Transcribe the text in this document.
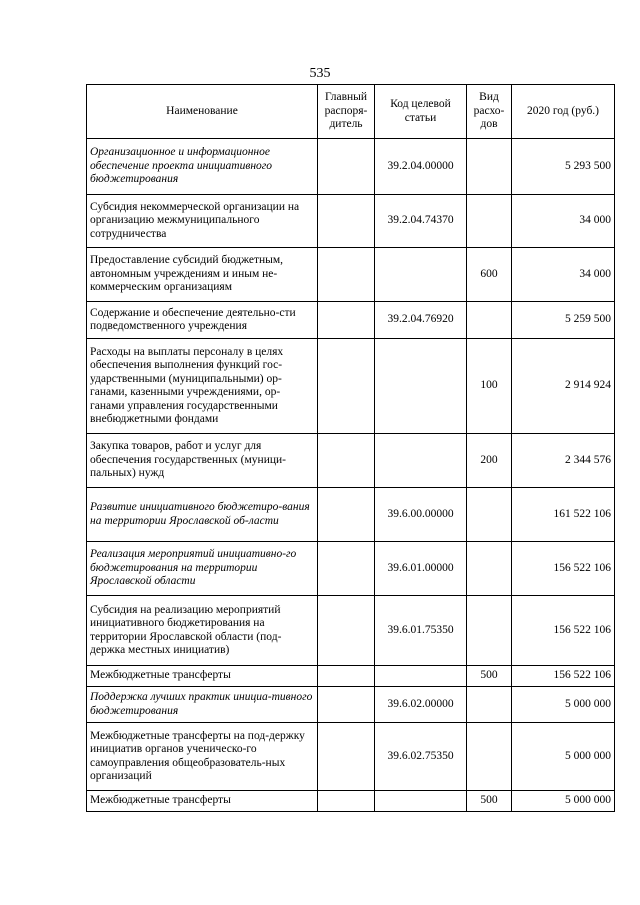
535
Наименование	Главный распоря-дитель	Код целевой статьи	Вид расхо-дов	2020 год (руб.)
Организационное и информационное обеспечение проекта инициативного бюджетирования		39.2.04.00000		5 293 500
Субсидия некоммерческой организации на организацию межмуниципального сотрудничества		39.2.04.74370		34 000
Предоставление субсидий бюджетным, автономным учреждениям и иным не-коммерческим организациям			600	34 000
Содержание и обеспечение деятельно-сти подведомственного учреждения		39.2.04.76920		5 259 500
Расходы на выплаты персоналу в целях обеспечения выполнения функций гос-ударственными (муниципальными) ор-ганами, казенными учреждениями, ор-ганами управления государственными внебюджетными фондами			100	2 914 924
Закупка товаров, работ и услуг для обеспечения государственных (муници-пальных) нужд			200	2 344 576
Развитие инициативного бюджетиро-вания на территории Ярославской об-ласти		39.6.00.00000		161 522 106
Реализация мероприятий инициативно-го бюджетирования на территории Ярославской области		39.6.01.00000		156 522 106
Субсидия на реализацию мероприятий инициативного бюджетирования на территории Ярославской области (под-держка местных инициатив)		39.6.01.75350		156 522 106
Межбюджетные трансферты			500	156 522 106
Поддержка лучших практик инициа-тивного бюджетирования		39.6.02.00000		5 000 000
Межбюджетные трансферты на под-держку инициатив органов ученическо-го самоуправления общеобразователь-ных организаций		39.6.02.75350		5 000 000
Межбюджетные трансферты			500	5 000 000
